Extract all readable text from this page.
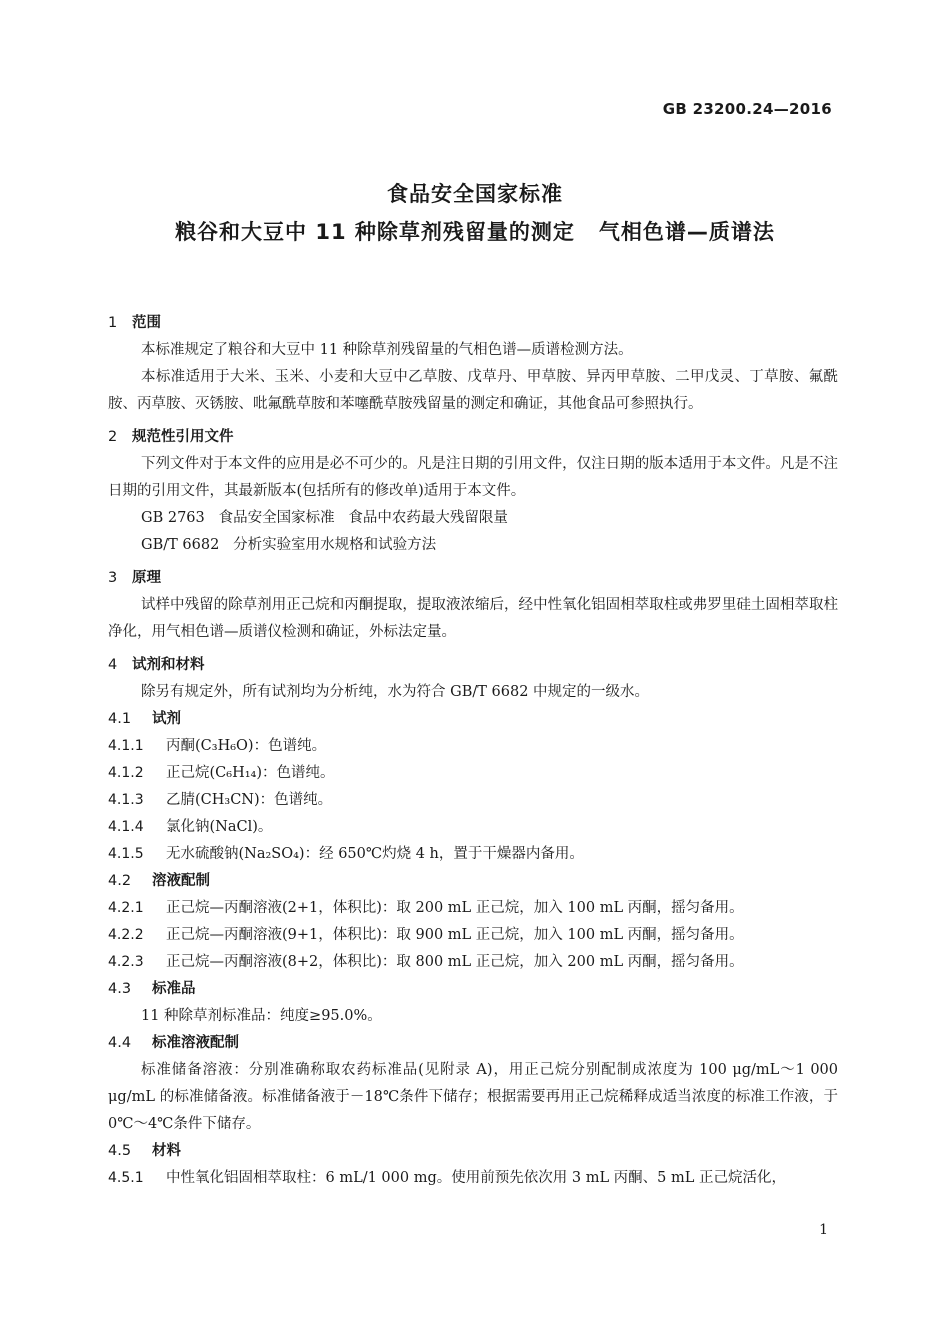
GB 23200.24—2016
食品安全国家标准
粮谷和大豆中 11 种除草剂残留量的测定 气相色谱—质谱法
1 范围

本标准规定了粮谷和大豆中 11 种除草剂残留量的气相色谱—质谱检测方法。

本标准适用于大米、玉米、小麦和大豆中乙草胺、戊草丹、甲草胺、异丙甲草胺、二甲戊灵、丁草胺、氟酰胺、丙草胺、灭锈胺、吡氟酰草胺和苯噻酰草胺残留量的测定和确证，其他食品可参照执行。

2 规范性引用文件

下列文件对于本文件的应用是必不可少的。凡是注日期的引用文件，仅注日期的版本适用于本文件。凡是不注日期的引用文件，其最新版本(包括所有的修改单)适用于本文件。

GB 2763   食品安全国家标准   食品中农药最大残留限量
GB/T 6682   分析实验室用水规格和试验方法
3 原理

试样中残留的除草剂用正己烷和丙酮提取，提取液浓缩后，经中性氧化铝固相萃取柱或弗罗里硅土固相萃取柱净化，用气相色谱—质谱仪检测和确证，外标法定量。

4 试剂和材料

除另有规定外，所有试剂均为分析纯，水为符合 GB/T 6682 中规定的一级水。

4.1 试剂
4.1.1 丙酮(C₃H₆O)：色谱纯。
4.1.2 正己烷(C₆H₁₄)：色谱纯。
4.1.3 乙腈(CH₃CN)：色谱纯。
4.1.4 氯化钠(NaCl)。
4.1.5 无水硫酸钠(Na₂SO₄)：经 650℃灼烧 4 h，置于干燥器内备用。
4.2 溶液配制
4.2.1 正己烷—丙酮溶液(2+1，体积比)：取 200 mL 正己烷，加入 100 mL 丙酮，摇匀备用。
4.2.2 正己烷—丙酮溶液(9+1，体积比)：取 900 mL 正己烷，加入 100 mL 丙酮，摇匀备用。
4.2.3 正己烷—丙酮溶液(8+2，体积比)：取 800 mL 正己烷，加入 200 mL 丙酮，摇匀备用。
4.3 标准品

11 种除草剂标准品：纯度≥95.0%。

4.4 标准溶液配制

标准储备溶液：分别准确称取农药标准品(见附录 A)，用正己烷分别配制成浓度为 100 μg/mL～1 000 μg/mL 的标准储备液。标准储备液于－18℃条件下储存；根据需要再用正己烷稀释成适当浓度的标准工作液，于 0℃～4℃条件下储存。

4.5 材料
4.5.1 中性氧化铝固相萃取柱：6 mL/1 000 mg。使用前预先依次用 3 mL 丙酮、5 mL 正己烷活化，
1
